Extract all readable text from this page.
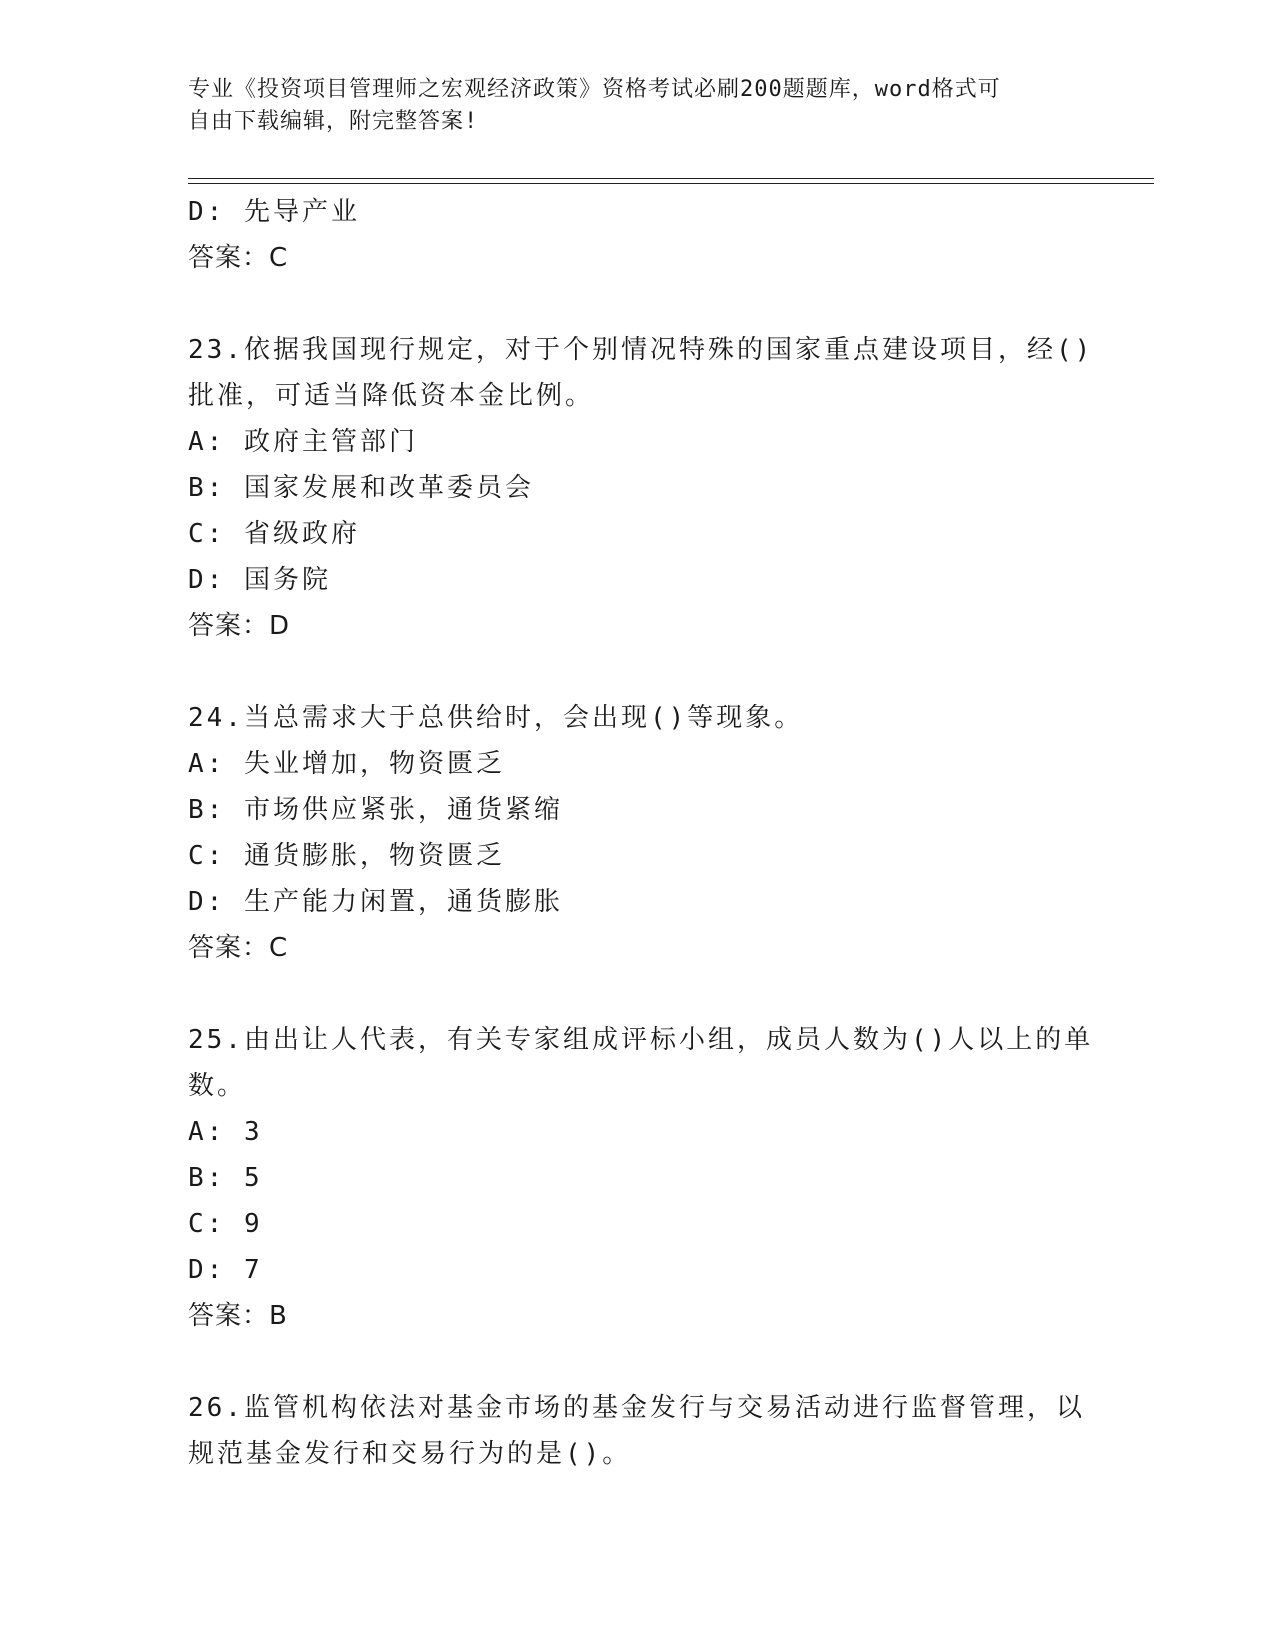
专业《投资项目管理师之宏观经济政策》资格考试必刷200题题库，word格式可
自由下载编辑，附完整答案!
D: 先导产业
答案：C
23.依据我国现行规定，对于个别情况特殊的国家重点建设项目，经()
批准，可适当降低资本金比例。
A: 政府主管部门
B: 国家发展和改革委员会
C: 省级政府
D: 国务院
答案：D
24.当总需求大于总供给时，会出现()等现象。
A: 失业增加，物资匮乏
B: 市场供应紧张，通货紧缩
C: 通货膨胀，物资匮乏
D: 生产能力闲置，通货膨胀
答案：C
25.由出让人代表，有关专家组成评标小组，成员人数为()人以上的单
数。
A: 3
B: 5
C: 9
D: 7
答案：B
26.监管机构依法对基金市场的基金发行与交易活动进行监督管理，以
规范基金发行和交易行为的是()。
